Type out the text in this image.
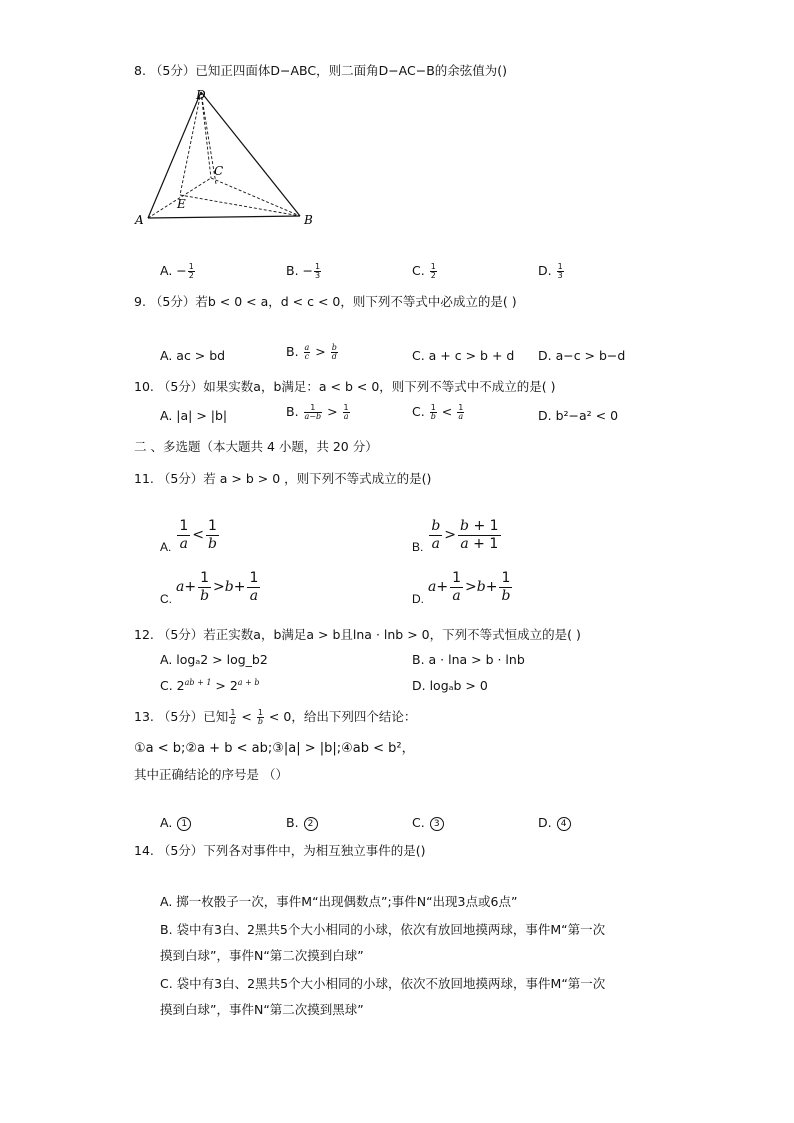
8. （5分）已知正四面体D−ABC，则二面角D−AC−B的余弦值为()
D
C
E
A	B
A. − $\frac{1}{2}$	B. − $\frac{1}{3}$	C. $\frac{1}{2}$	D. $\frac{1}{3}$
9. （5分）若b < 0 < a，d < c < 0，则下列不等式中必成立的是( )
A. ac > bd	B. $\frac{a}{c} > \frac{b}{d}$	C. a + c > b + d D. a−c > b−d
10. （5分）如果实数a，b满足：a < b < 0，则下列不等式中不成立的是( )
A. |a| > |b|	B. $\frac{1}{a-b} > \frac{1}{a}$	C. $\frac{1}{b} < \frac{1}{a}$	D. b²−a² < 0
二 、多选题（本大题共 4 小题，共 20 分）
11. （5分）若 a > b > 0 ，则下列不等式成立的是()
A. $\frac{1}{a} < \frac{1}{b}$	B. $\frac{b}{a} > \frac{b + 1}{a + 1}$
C. $a+ \frac{1}{b} >b+ \frac{1}{a}$	D. $a+ \frac{1}{a} >b+ \frac{1}{b}$
12. （5分）若正实数a，b满足a > b且lna · lnb > 0，下列不等式恒成立的是( )
A. logₐ2 > log_b2	B. a · lna > b · lnb
C. $2^{ab + 1} > 2^{a + b}$	D. logₐb > 0
13. （5分）已知 $\frac{1}{a} < \frac{1}{b} < 0$，给出下列四个结论：
①a < b;②a + b < ab;③|a| > |b|;④ab < b²，
其中正确结论的序号是 （）
A. 1	B. 2	C. 3	D. 4
14. （5分）下列各对事件中，为相互独立事件的是()
A. 掷一枚骰子一次，事件M“出现偶数点”;事件N“出现3点或6点”
B. 袋中有3白、2黑共5个大小相同的小球，依次有放回地摸两球，事件M“第一次
摸到白球”，事件N“第二次摸到白球”
C. 袋中有3白、2黑共5个大小相同的小球，依次不放回地摸两球，事件M“第一次
摸到白球”，事件N“第二次摸到黑球”
